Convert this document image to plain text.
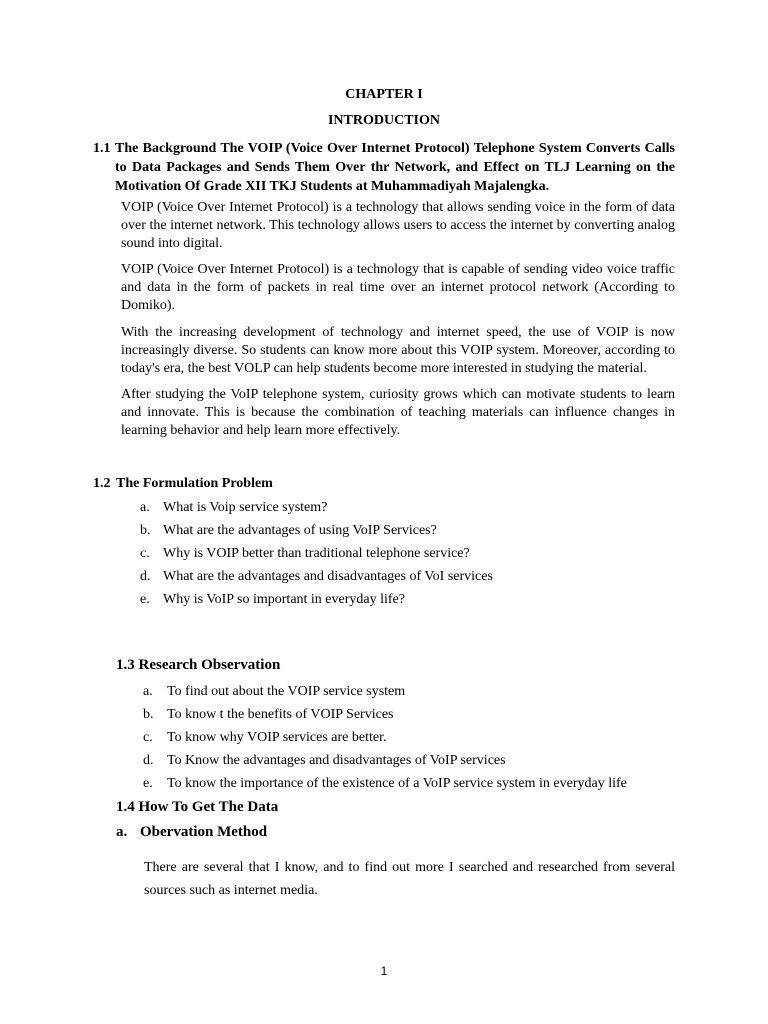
CHAPTER I
INTRODUCTION
1.1 The Background The VOIP (Voice Over Internet Protocol) Telephone System Converts Calls to Data Packages and Sends Them Over thr Network, and Effect on TLJ Learning on the Motivation Of Grade XII TKJ Students at Muhammadiyah Majalengka.
VOIP (Voice Over Internet Protocol) is a technology that allows sending voice in the form of data over the internet network. This technology allows users to access the internet by converting analog sound into digital.
VOIP (Voice Over Internet Protocol) is a technology that is capable of sending video voice traffic and data in the form of packets in real time over an internet protocol network (According to Domiko).
With the increasing development of technology and internet speed, the use of VOIP is now increasingly diverse. So students can know more about this VOIP system. Moreover, according to today's era, the best VOLP can help students become more interested in studying the material.
After studying the VoIP telephone system, curiosity grows which can motivate students to learn and innovate. This is because the combination of teaching materials can influence changes in learning behavior and help learn more effectively.
1.2 The Formulation Problem
a. What is Voip service system?
b. What are the advantages of using VoIP Services?
c. Why is VOIP better than traditional telephone service?
d. What are the advantages and disadvantages of VoI services
e. Why is VoIP so important in everyday life?
1.3 Research Observation
a. To find out about the VOIP service system
b. To know t the benefits of VOIP Services
c. To know why VOIP services are better.
d. To Know the advantages and disadvantages of VoIP services
e. To know the importance of the existence of a VoIP service system in everyday life
1.4 How To Get The Data
a. Obervation Method
There are several that I know, and to find out more I searched and researched from several sources such as internet media.
1
